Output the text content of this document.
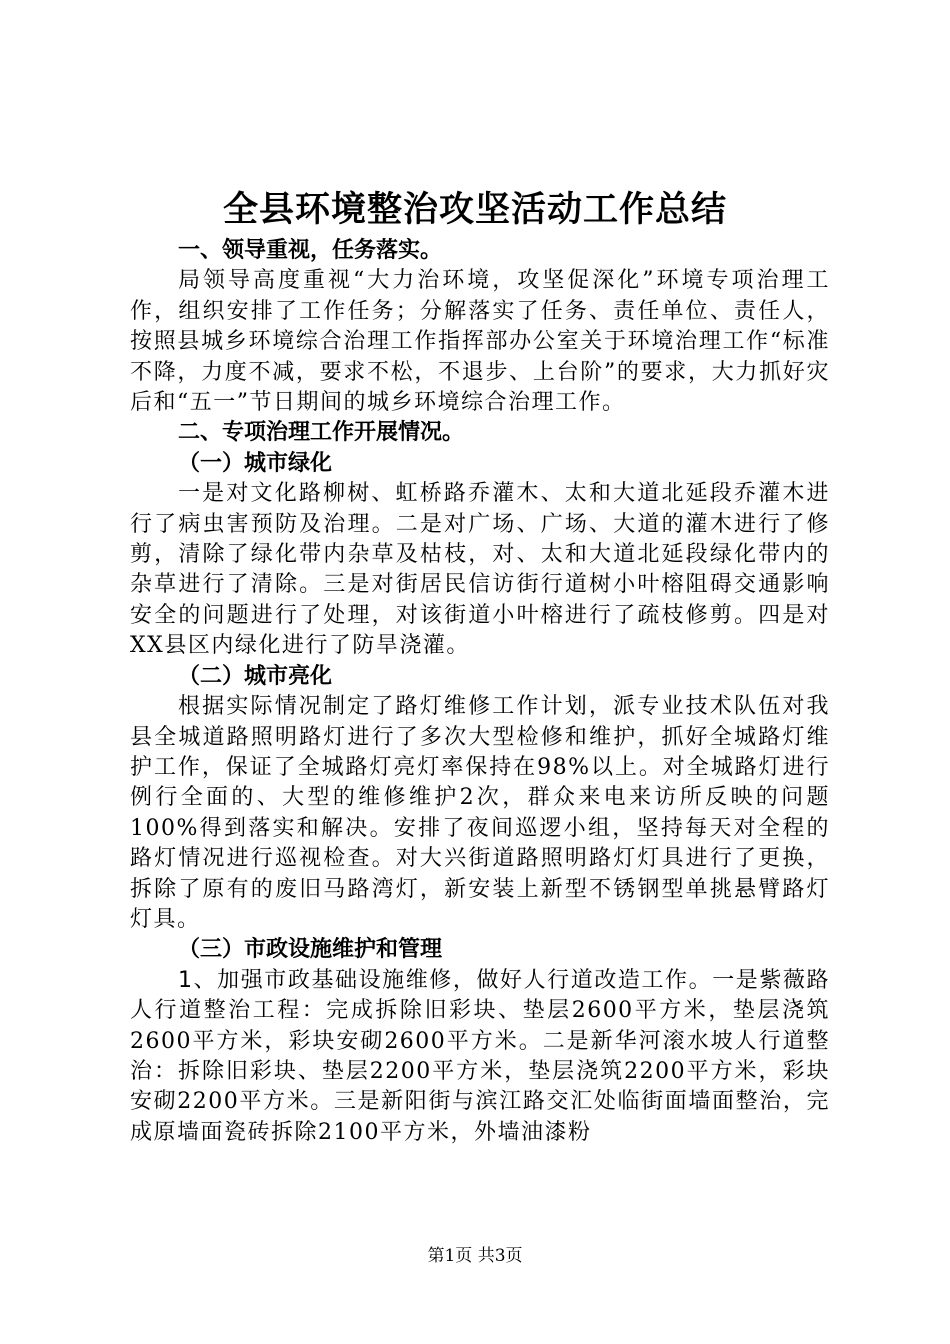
全县环境整治攻坚活动工作总结
一、领导重视，任务落实。

局领导高度重视“大力治环境，攻坚促深化”环境专项治理工作，组织安排了工作任务；分解落实了任务、责任单位、责任人，按照县城乡环境综合治理工作指挥部办公室关于环境治理工作“标准不降，力度不减，要求不松，不退步、上台阶”的要求，大力抓好灾后和“五一”节日期间的城乡环境综合治理工作。

二、专项治理工作开展情况。
（一）城市绿化

一是对文化路柳树、虹桥路乔灌木、太和大道北延段乔灌木进行了病虫害预防及治理。二是对广场、广场、大道的灌木进行了修剪，清除了绿化带内杂草及枯枝，对、太和大道北延段绿化带内的杂草进行了清除。三是对街居民信访街行道树小叶榕阻碍交通影响安全的问题进行了处理，对该街道小叶榕进行了疏枝修剪。四是对XX县区内绿化进行了防旱浇灌。

（二）城市亮化

根据实际情况制定了路灯维修工作计划，派专业技术队伍对我县全城道路照明路灯进行了多次大型检修和维护，抓好全城路灯维护工作，保证了全城路灯亮灯率保持在98%以上。对全城路灯进行例行全面的、大型的维修维护2次，群众来电来访所反映的问题100%得到落实和解决。安排了夜间巡逻小组，坚持每天对全程的路灯情况进行巡视检查。对大兴街道路照明路灯灯具进行了更换，拆除了原有的废旧马路湾灯，新安装上新型不锈钢型单挑悬臂路灯灯具。

（三）市政设施维护和管理

1、加强市政基础设施维修，做好人行道改造工作。一是紫薇路人行道整治工程：完成拆除旧彩块、垫层2600平方米，垫层浇筑2600平方米，彩块安砌2600平方米。二是新华河滚水坡人行道整治：拆除旧彩块、垫层2200平方米，垫层浇筑2200平方米，彩块安砌2200平方米。三是新阳街与滨江路交汇处临街面墙面整治，完成原墙面瓷砖拆除2100平方米，外墙油漆粉

第1页 共3页
